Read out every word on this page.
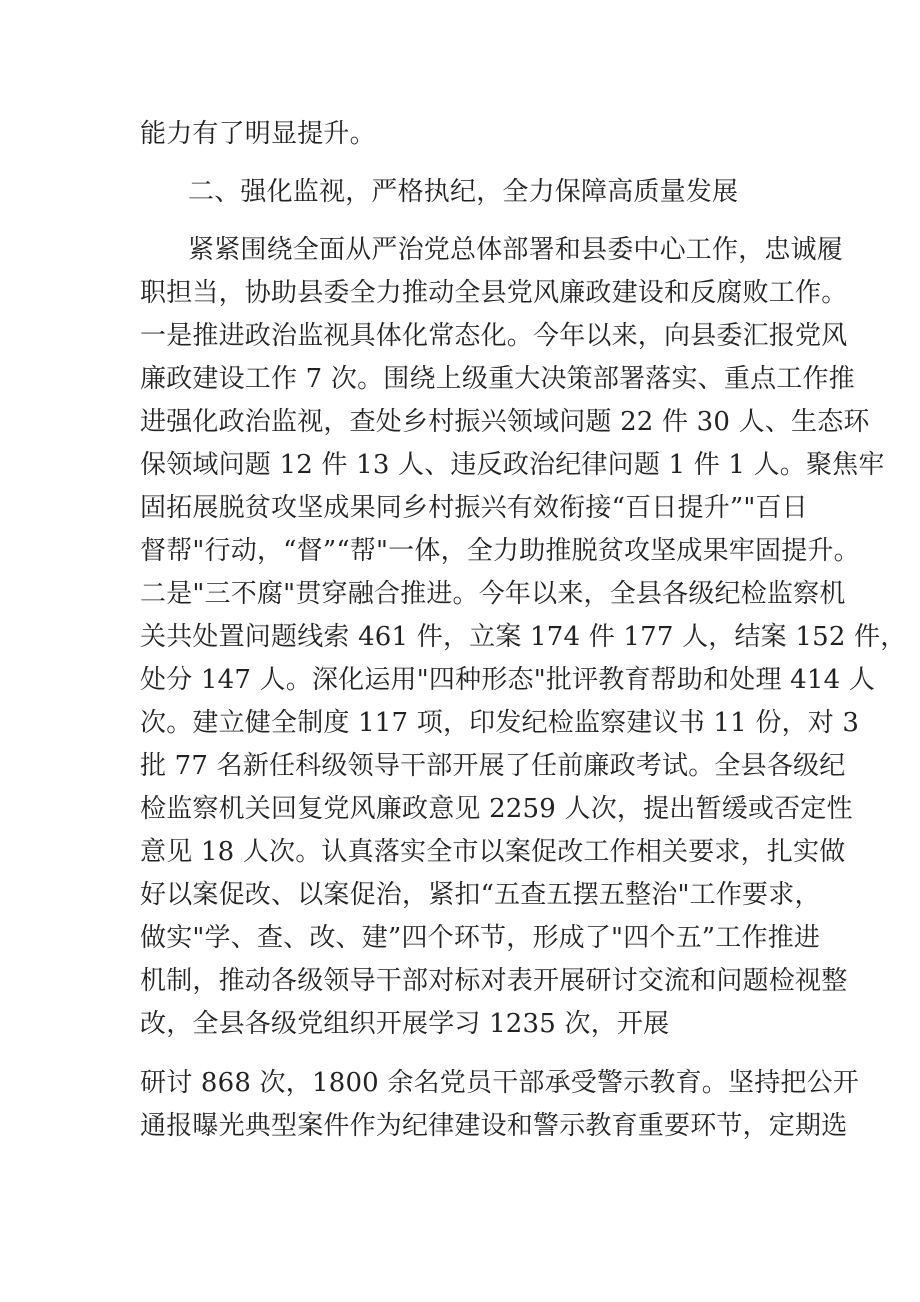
能力有了明显提升。
二、强化监视，严格执纪，全力保障高质量发展
紧紧围绕全面从严治党总体部署和县委中心工作，忠诚履
职担当，协助县委全力推动全县党风廉政建设和反腐败工作。
一是推进政治监视具体化常态化。今年以来，向县委汇报党风
廉政建设工作 7 次。围绕上级重大决策部署落实、重点工作推
进强化政治监视，查处乡村振兴领域问题 22 件 30 人、生态环
保领域问题 12 件 13 人、违反政治纪律问题 1 件 1 人。聚焦牢
固拓展脱贫攻坚成果同乡村振兴有效衔接“百日提升”"百日
督帮"行动，“督”“帮"一体，全力助推脱贫攻坚成果牢固提升。
二是"三不腐"贯穿融合推进。今年以来，全县各级纪检监察机
关共处置问题线索 461 件，立案 174 件 177 人，结案 152 件，
处分 147 人。深化运用"四种形态"批评教育帮助和处理 414 人
次。建立健全制度 117 项，印发纪检监察建议书 11 份，对 3
批 77 名新任科级领导干部开展了任前廉政考试。全县各级纪
检监察机关回复党风廉政意见 2259 人次，提出暂缓或否定性
意见 18 人次。认真落实全市以案促改工作相关要求，扎实做
好以案促改、以案促治，紧扣“五查五摆五整治"工作要求，
做实"学、查、改、建”四个环节，形成了"四个五”工作推进
机制，推动各级领导干部对标对表开展研讨交流和问题检视整
改，全县各级党组织开展学习 1235 次，开展
研讨 868 次，1800 余名党员干部承受警示教育。坚持把公开
通报曝光典型案件作为纪律建设和警示教育重要环节，定期选
